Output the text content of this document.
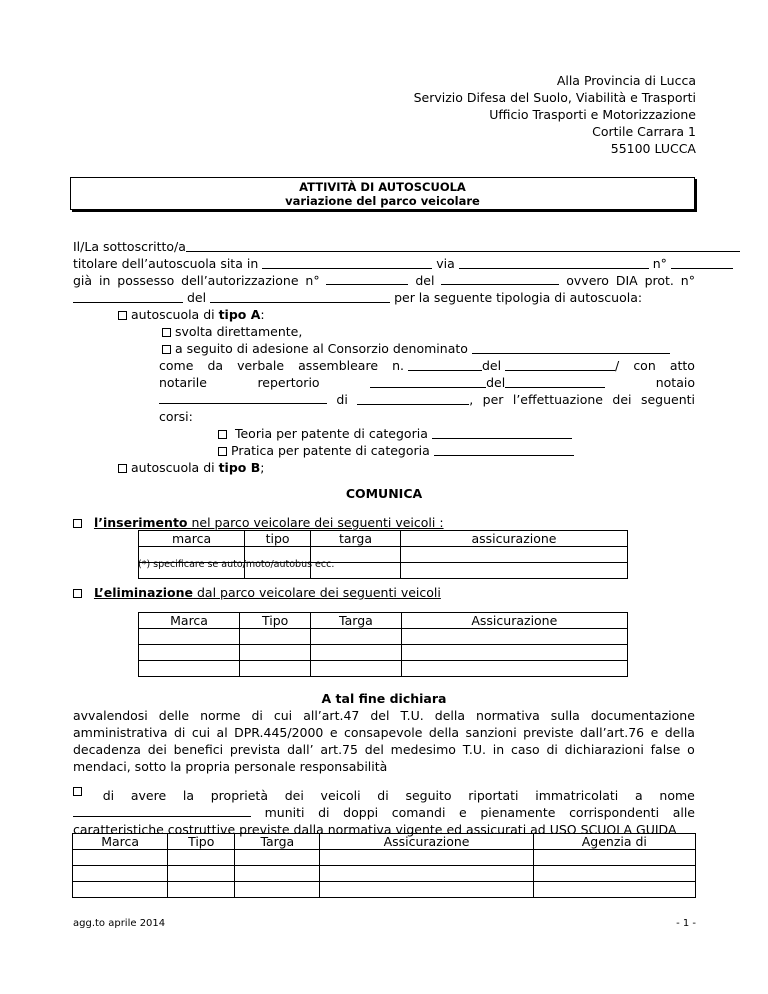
Alla Provincia di Lucca
Servizio Difesa del Suolo, Viabilità e Trasporti
Ufficio Trasporti e Motorizzazione
Cortile Carrara 1
55100 LUCCA
ATTIVITÀ DI AUTOSCUOLA
variazione del parco veicolare
Il/La sottoscritto/a
titolare dell’autoscuola sita in	via	n°
già in possesso dell’autorizzazione n°	del	ovvero DIA prot. n°
del	per la seguente tipologia di autoscuola:
autoscuola di tipo A:
svolta direttamente,
a seguito di adesione al Consorzio denominato
come da verbale assembleare n.	del	/ con atto
notarile	repertorio	del	notaio
di	, per l’effettuazione dei seguenti
corsi:
Teoria per patente di categoria
Pratica per patente di categoria
autoscuola di tipo B;
COMUNICA
l’inserimento nel parco veicolare dei seguenti veicoli :
marca	tipo	targa	assicurazione

(*) specificare se auto/moto/autobus ecc.
L’eliminazione dal parco veicolare dei seguenti veicoli
Marca	Tipo	Targa	Assicurazione

A tal fine dichiara
avvalendosi delle norme di cui all’art.47 del T.U. della normativa sulla documentazione
amministrativa di cui al DPR.445/2000 e consapevole della sanzioni previste dall’art.76 e della
decadenza dei benefici prevista dall’ art.75 del medesimo T.U. in caso di dichiarazioni false o
mendaci, sotto la propria personale responsabilità
di avere la proprietà dei veicoli di seguito riportati immatricolati a nome
muniti di doppi comandi e pienamente corrispondenti alle
caratteristiche costruttive previste dalla normativa vigente ed assicurati ad USO SCUOLA GUIDA
Marca	Tipo	Targa	Assicurazione	Agenzia di

agg.to aprile 2014	- 1 -
